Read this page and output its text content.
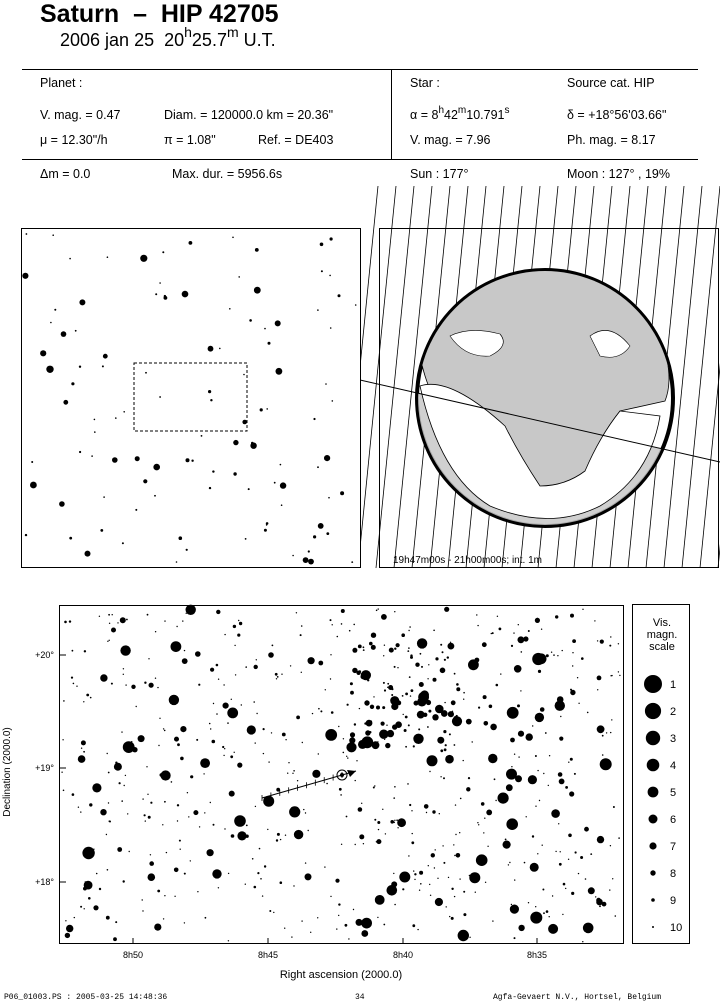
Saturn  –  HIP 42705
2006 jan 25  20$^h$25.7$^m$ U.T.
Planet :
V. mag. = 0.47	Diam. = 120000.0 km = 20.36"
μ = 12.30"/h	π = 1.08"	Ref. = DE403
Δm = 0.0	Max. dur. = 5956.6s
Star :	Source cat. HIP
$\alpha = 8^h42^m10.791^s$	δ = +18°56'03.66"
V. mag. = 7.96	Ph. mag. = 8.17
Sun : 177°	Moon : 127° , 19%
19h47m00s - 21h00m00s; int. 1m
+20°
+19°
+18°
8h50	8h45	8h40	8h35
Declination (2000.0)
Right ascension (2000.0)
Vis.
magn.
scale
1
2
3
4
5
6
7
8
9
10
P06_01003.PS : 2005-03-25 14:48:36	34	Agfa-Gevaert N.V., Hortsel, Belgium
